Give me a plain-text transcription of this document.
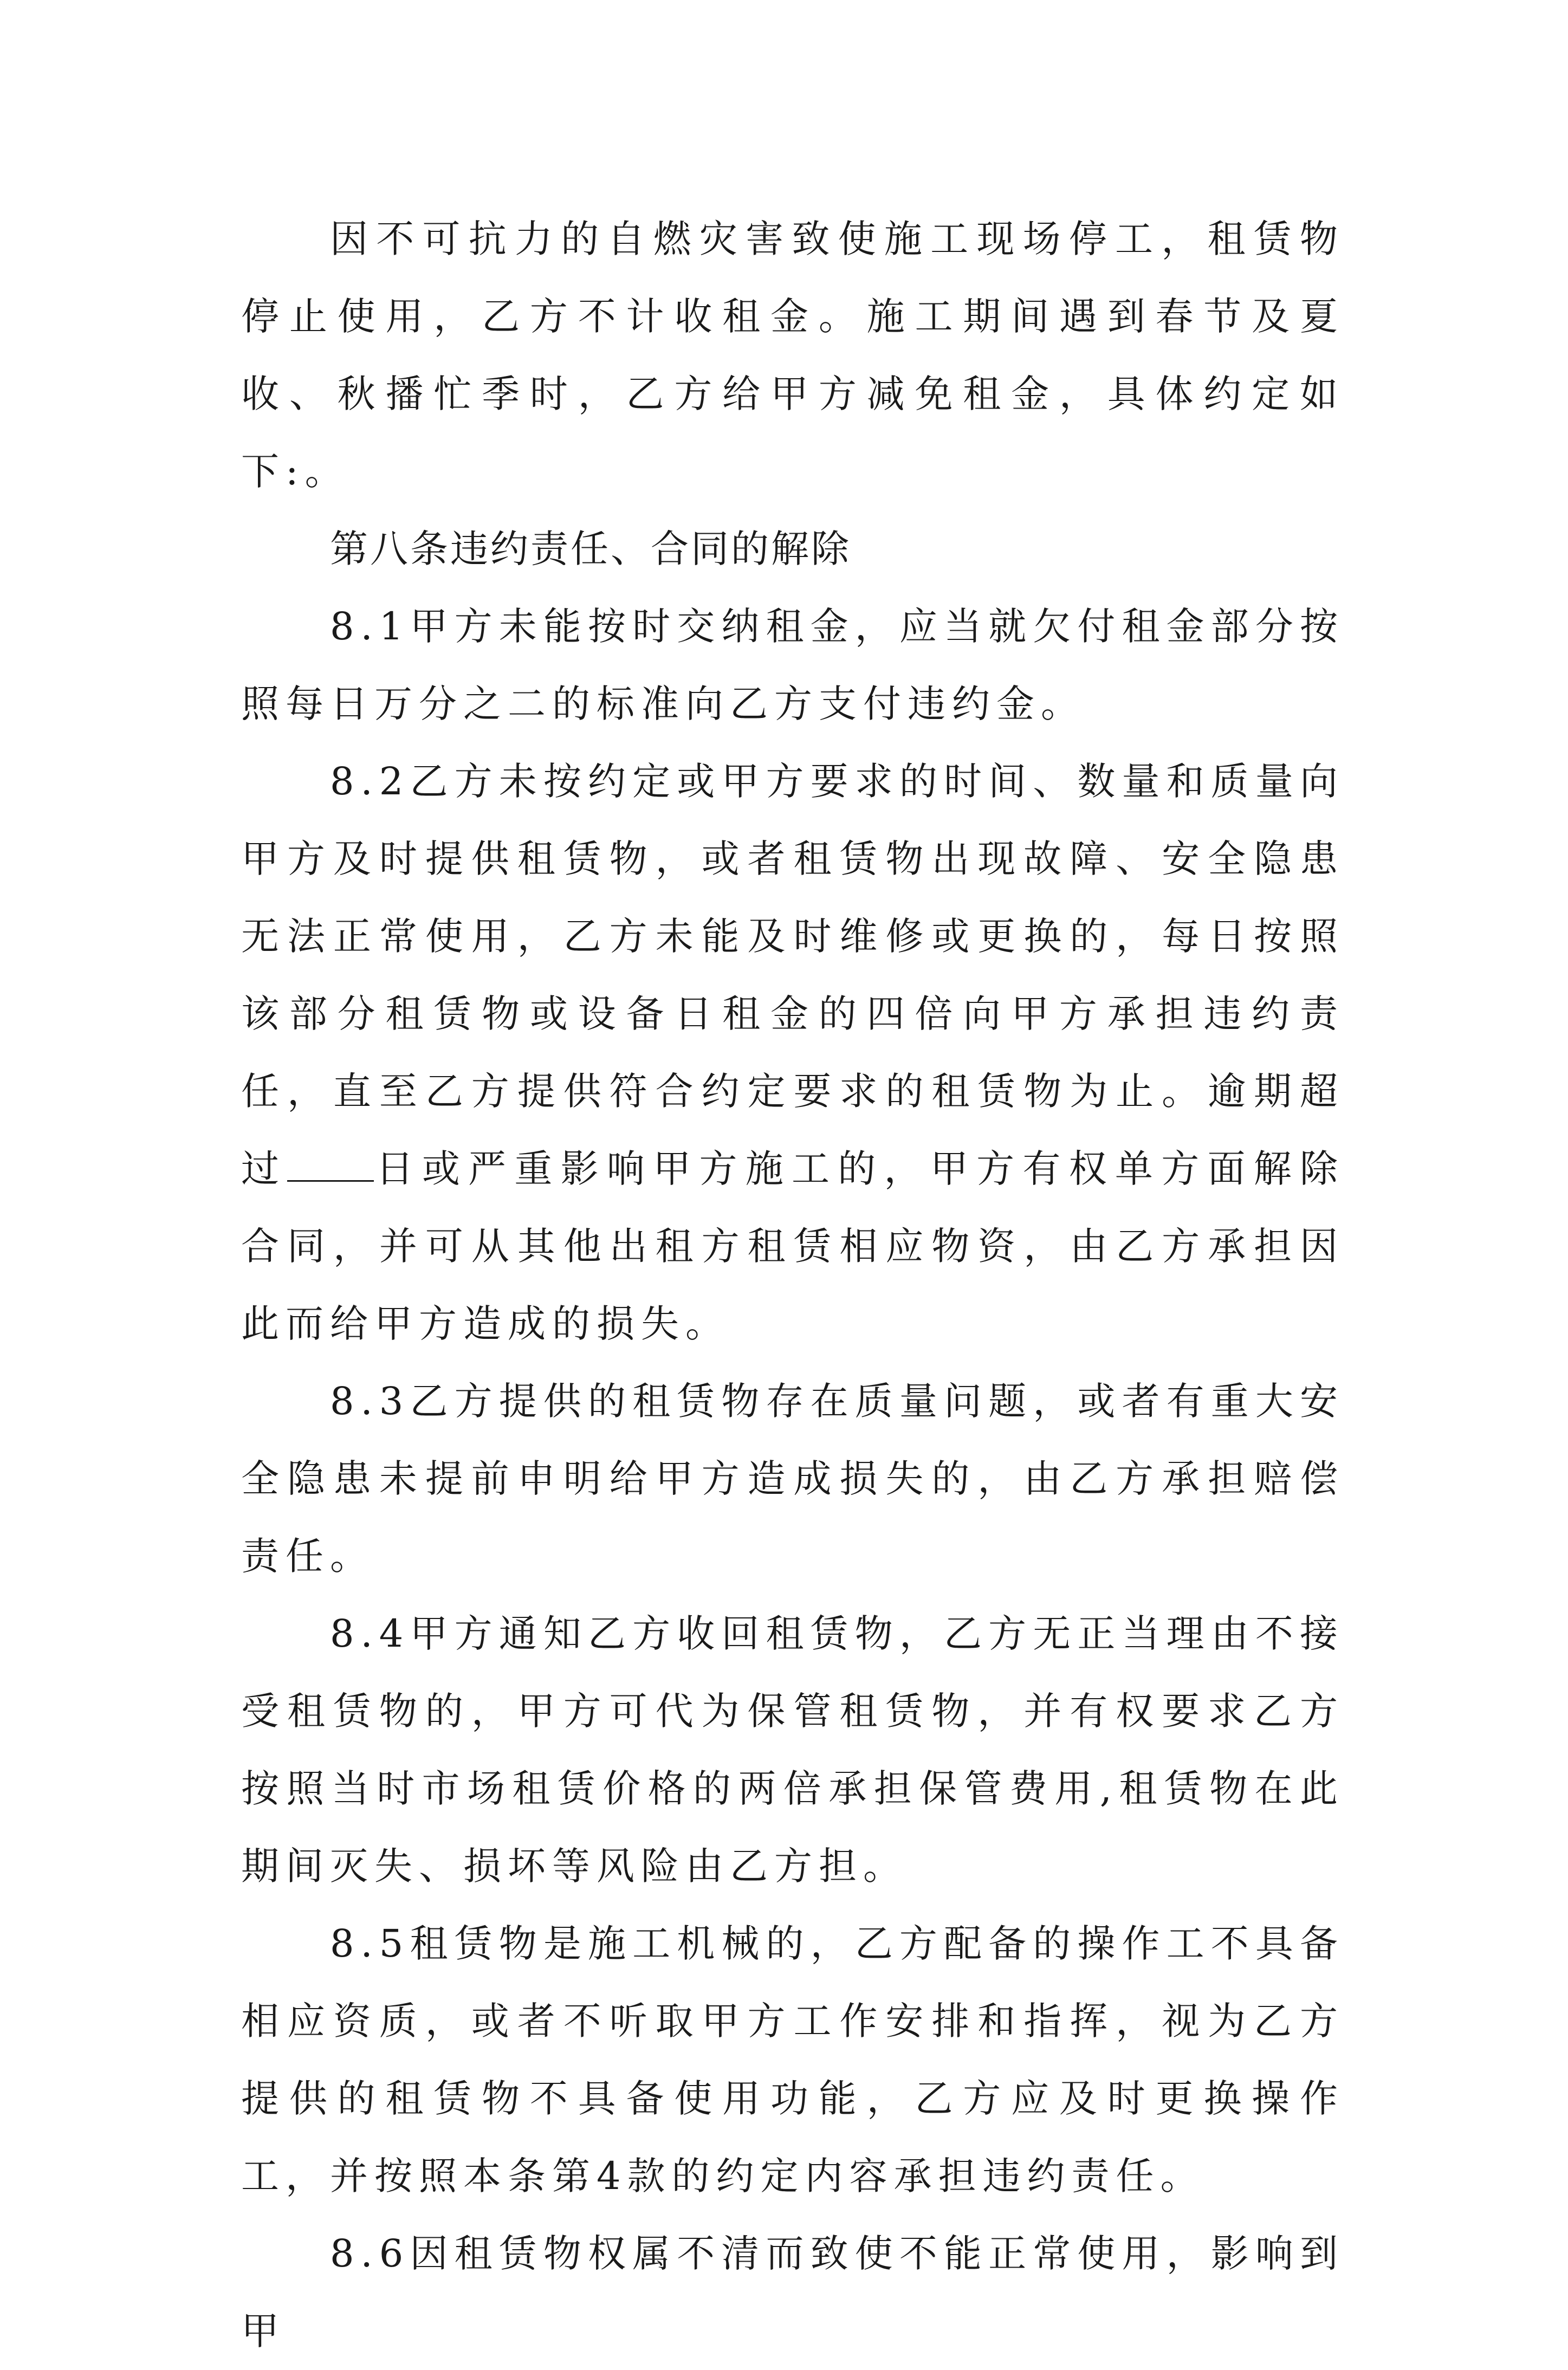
因不可抗力的自燃灾害致使施工现场停工，租赁物停止使用，乙方不计收租金。施工期间遇到春节及夏收、秋播忙季时，乙方给甲方减免租金，具体约定如下:。

第八条违约责任、合同的解除

8.1甲方未能按时交纳租金，应当就欠付租金部分按照每日万分之二的标准向乙方支付违约金。

8.2乙方未按约定或甲方要求的时间、数量和质量向甲方及时提供租赁物，或者租赁物出现故障、安全隐患无法正常使用，乙方未能及时维修或更换的，每日按照该部分租赁物或设备日租金的四倍向甲方承担违约责任，直至乙方提供符合约定要求的租赁物为止。逾期超过 日或严重影响甲方施工的，甲方有权单方面解除合同，并可从其他出租方租赁相应物资，由乙方承担因此而给甲方造成的损失。

8.3乙方提供的租赁物存在质量问题，或者有重大安全隐患未提前申明给甲方造成损失的，由乙方承担赔偿责任。

8.4甲方通知乙方收回租赁物，乙方无正当理由不接受租赁物的，甲方可代为保管租赁物，并有权要求乙方按照当时市场租赁价格的两倍承担保管费用,租赁物在此期间灭失、损坏等风险由乙方担。

8.5租赁物是施工机械的，乙方配备的操作工不具备相应资质，或者不听取甲方工作安排和指挥，视为乙方提供的租赁物不具备使用功能，乙方应及时更换操作工，并按照本条第4款的约定内容承担违约责任。

8.6因租赁物权属不清而致使不能正常使用，影响到甲
